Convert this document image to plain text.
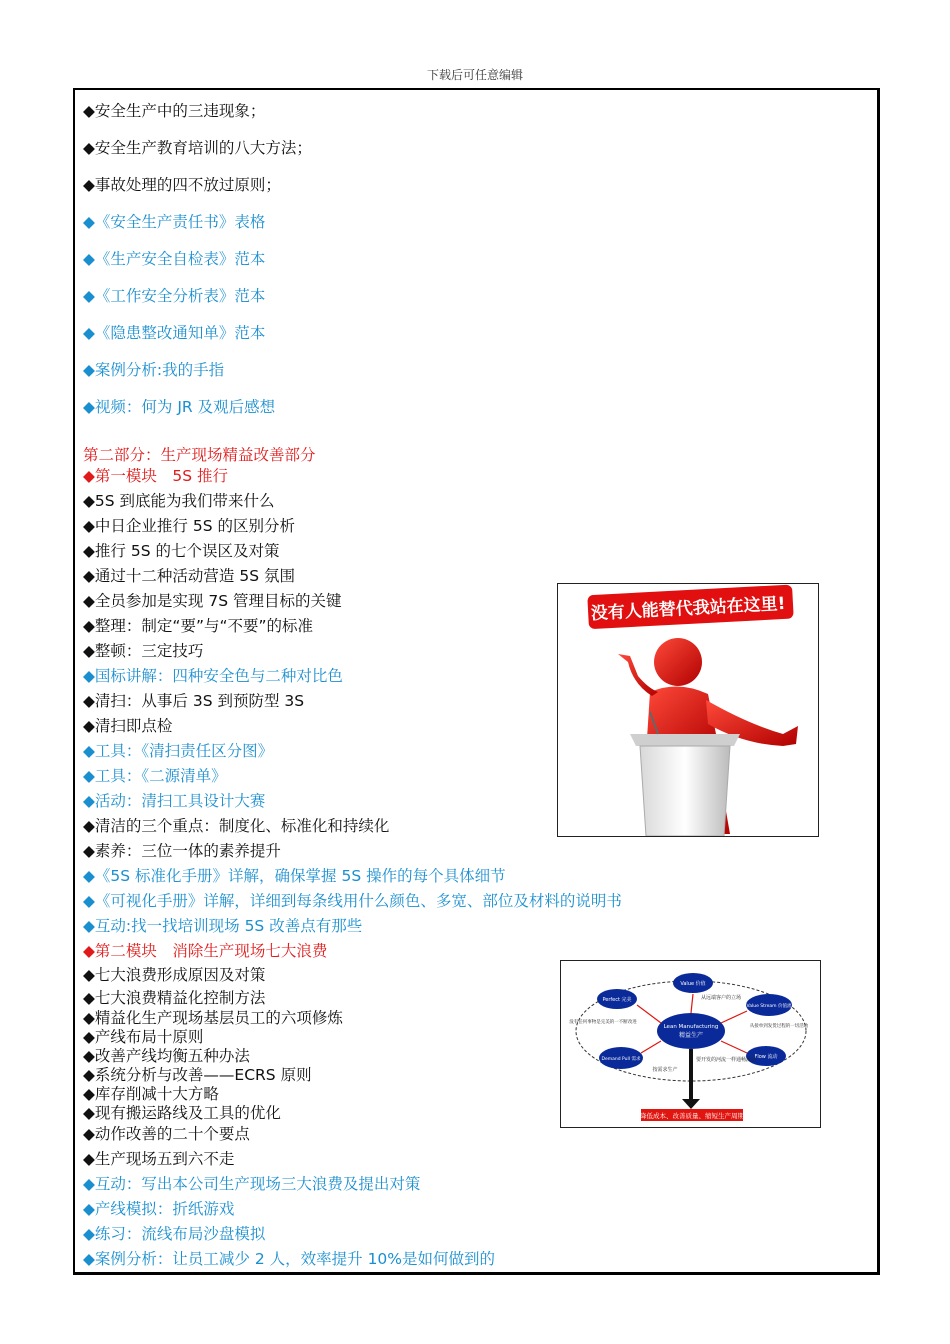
下载后可任意编辑
◆安全生产中的三违现象；
◆安全生产教育培训的八大方法；
◆事故处理的四不放过原则；
◆《安全生产责任书》表格
◆《生产安全自检表》范本
◆《工作安全分析表》范本
◆《隐患整改通知单》范本
◆案例分析:我的手指
◆视频：何为 JR 及观后感想
第二部分：生产现场精益改善部分
◆第一模块　5S 推行
◆5S 到底能为我们带来什么
◆中日企业推行 5S 的区别分析
◆推行 5S 的七个误区及对策
◆通过十二种活动营造 5S 氛围
◆全员参加是实现 7S 管理目标的关键
◆整理：制定“要”与“不要”的标准
◆整顿：三定技巧
◆国标讲解：四种安全色与二种对比色
◆清扫：从事后 3S 到预防型 3S
◆清扫即点检
◆工具：《清扫责任区分图》
◆工具：《二源清单》
◆活动：清扫工具设计大赛
◆清洁的三个重点：制度化、标准化和持续化
◆素养：三位一体的素养提升
◆《5S 标准化手册》详解，确保掌握 5S 操作的每个具体细节
◆《可视化手册》详解，详细到每条线用什么颜色、多宽、部位及材料的说明书
◆互动:找一找培训现场 5S 改善点有那些
◆第二模块　消除生产现场七大浪费
◆七大浪费形成原因及对策
◆七大浪费精益化控制方法
◆精益化生产现场基层员工的六项修炼
◆产线布局十原则
◆改善产线均衡五种办法
◆系统分析与改善——ECRS 原则
◆库存削减十大方略
◆现有搬运路线及工具的优化
◆动作改善的二十个要点
◆生产现场五到六不走
◆互动：写出本公司生产现场三大浪费及提出对策
◆产线模拟：折纸游戏
◆练习：流线布局沙盘模拟
◆案例分析：让员工减少 2 人，效率提升 10%是如何做到的
没有人能替代我站在这里!
降低成本、改善质量、缩短生产周期
Lean Manufacturing
精益生产
Value 价值
Value Stream 价值流
Flow 流动
Demand Pull 需求
Perfect 完美	从远端客户的立场
从接单到发货过程的一切活动
要开发的河流一样通畅流动
按需求生产
没有任何事物是完美的一不断改进
